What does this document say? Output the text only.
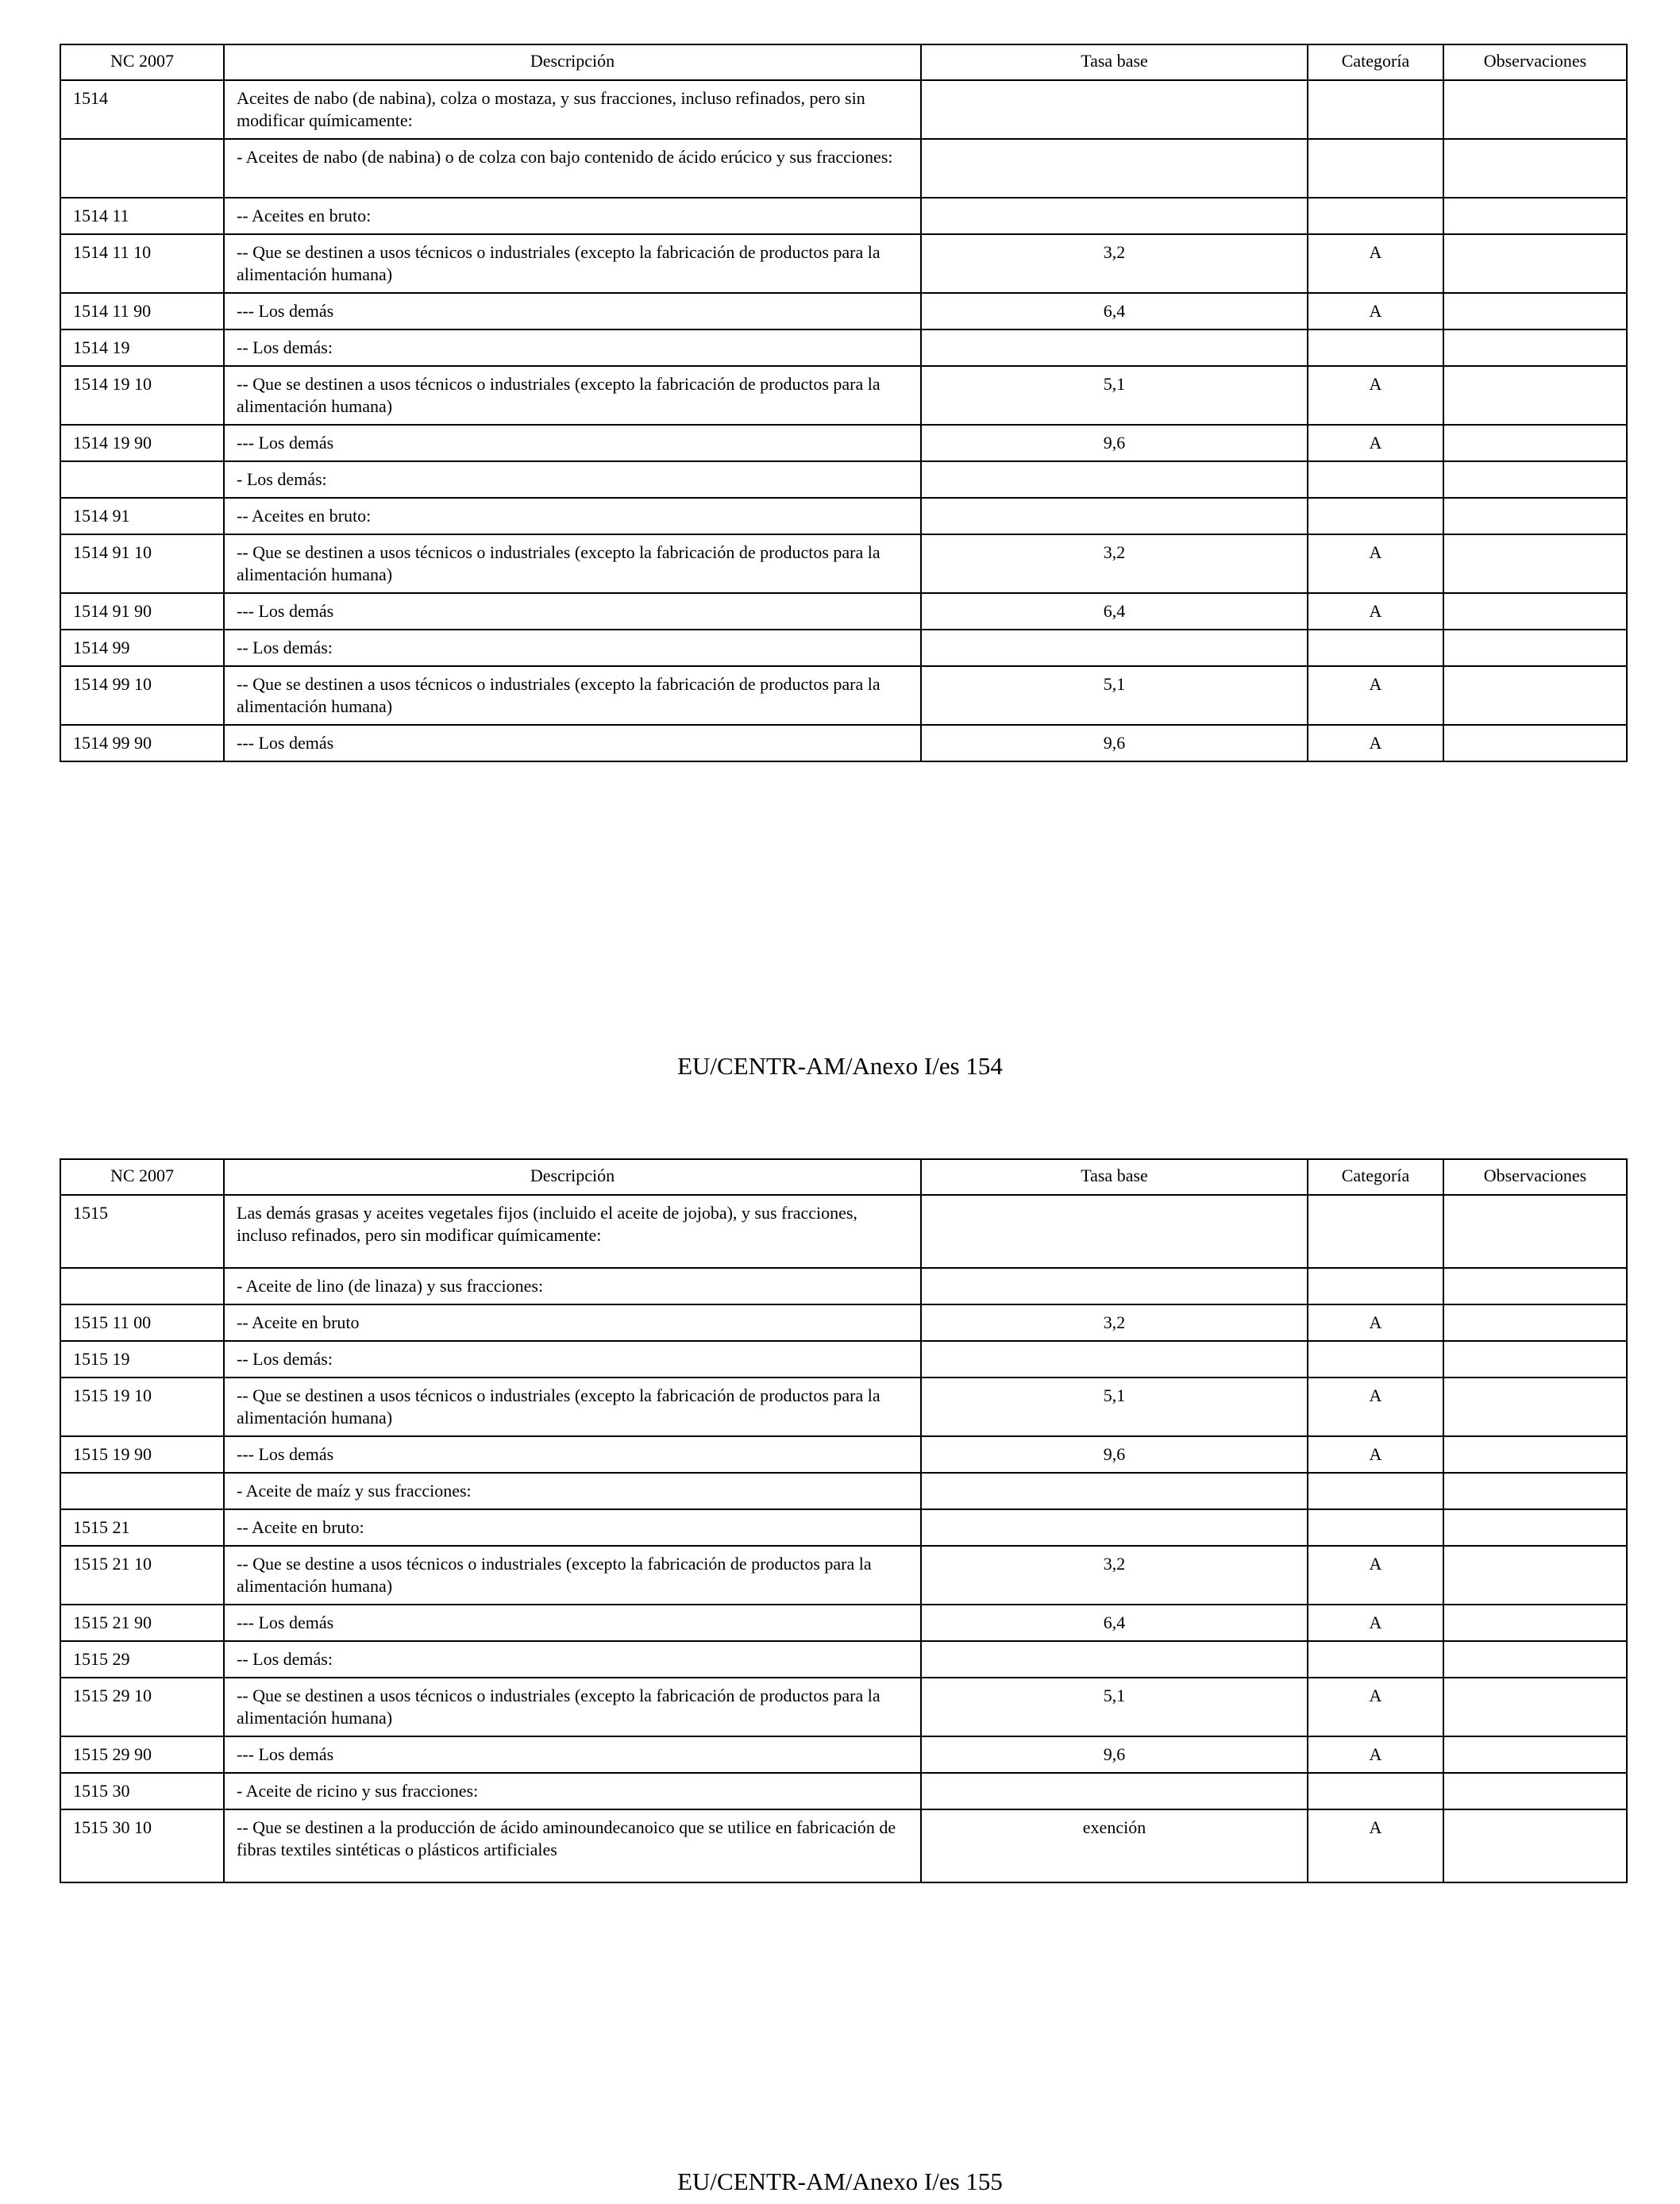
NC 2007	Descripción	Tasa base	Categoría	Observaciones
1514	Aceites de nabo (de nabina), colza o mostaza, y sus fracciones, incluso refinados, pero sin modificar químicamente:			
	- Aceites de nabo (de nabina) o de colza con bajo contenido de ácido erúcico y sus fracciones:			
1514 11	-- Aceites en bruto:			
1514 11 10	-- Que se destinen a usos técnicos o industriales (excepto la fabricación de productos para la alimentación humana)	3,2	A	
1514 11 90	--- Los demás	6,4	A	
1514 19	-- Los demás:			
1514 19 10	-- Que se destinen a usos técnicos o industriales (excepto la fabricación de productos para la alimentación humana)	5,1	A	
1514 19 90	--- Los demás	9,6	A	
	- Los demás:			
1514 91	-- Aceites en bruto:			
1514 91 10	-- Que se destinen a usos técnicos o industriales (excepto la fabricación de productos para la alimentación humana)	3,2	A	
1514 91 90	--- Los demás	6,4	A	
1514 99	-- Los demás:			
1514 99 10	-- Que se destinen a usos técnicos o industriales (excepto la fabricación de productos para la alimentación humana)	5,1	A	
1514 99 90	--- Los demás	9,6	A	
EU/CENTR-AM/Anexo I/es 154
NC 2007	Descripción	Tasa base	Categoría	Observaciones
1515	Las demás grasas y aceites vegetales fijos (incluido el aceite de jojoba), y sus fracciones, incluso refinados, pero sin modificar químicamente:			
	- Aceite de lino (de linaza) y sus fracciones:			
1515 11 00	-- Aceite en bruto	3,2	A	
1515 19	-- Los demás:			
1515 19 10	-- Que se destinen a usos técnicos o industriales (excepto la fabricación de productos para la alimentación humana)	5,1	A	
1515 19 90	--- Los demás	9,6	A	
	- Aceite de maíz y sus fracciones:			
1515 21	-- Aceite en bruto:			
1515 21 10	-- Que se destine a usos técnicos o industriales (excepto la fabricación de productos para la alimentación humana)	3,2	A	
1515 21 90	--- Los demás	6,4	A	
1515 29	-- Los demás:			
1515 29 10	-- Que se destinen a usos técnicos o industriales (excepto la fabricación de productos para la alimentación humana)	5,1	A	
1515 29 90	--- Los demás	9,6	A	
1515 30	- Aceite de ricino y sus fracciones:			
1515 30 10	-- Que se destinen a la producción de ácido aminoundecanoico que se utilice en fabricación de fibras textiles sintéticas o plásticos artificiales	exención	A	
EU/CENTR-AM/Anexo I/es 155
